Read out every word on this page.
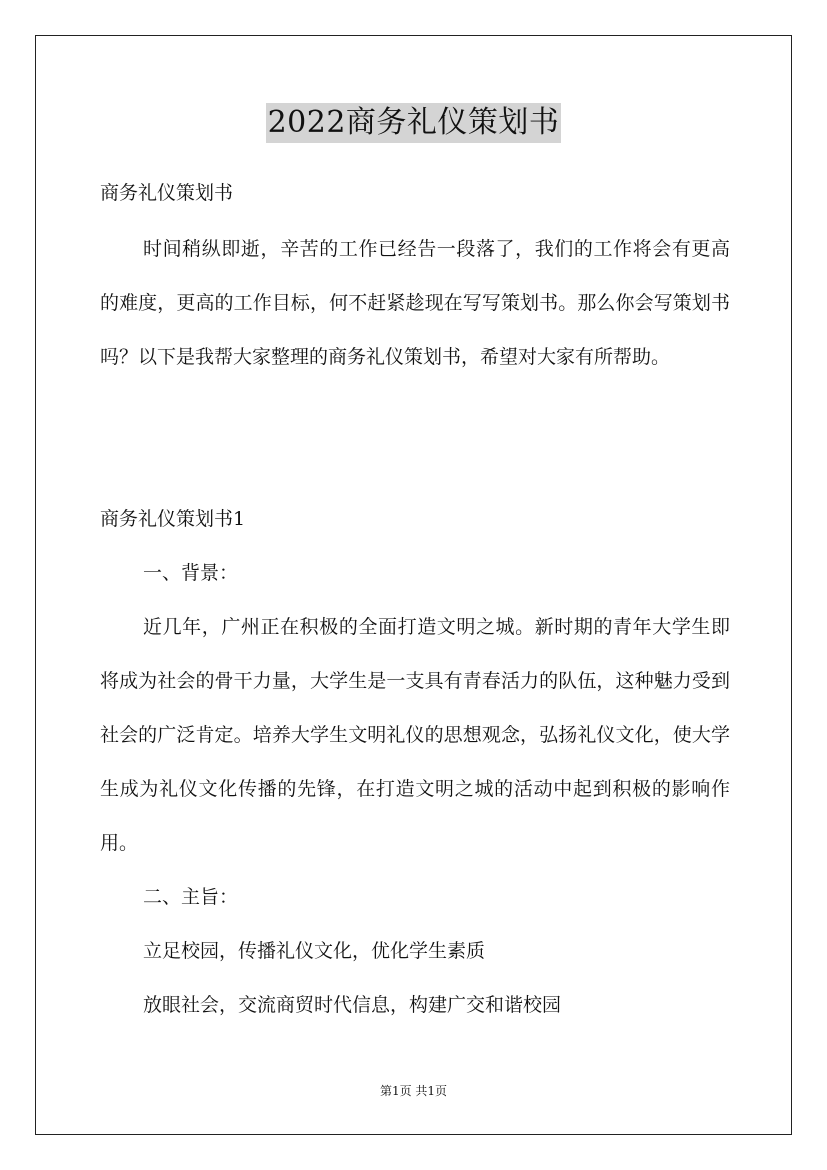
2022商务礼仪策划书

商务礼仪策划书

时间稍纵即逝，辛苦的工作已经告一段落了，我们的工作将会有更高的难度，更高的工作目标，何不赶紧趁现在写写策划书。那么你会写策划书吗？以下是我帮大家整理的商务礼仪策划书，希望对大家有所帮助。

商务礼仪策划书1

一、背景：

近几年，广州正在积极的全面打造文明之城。新时期的青年大学生即将成为社会的骨干力量，大学生是一支具有青春活力的队伍，这种魅力受到社会的广泛肯定。培养大学生文明礼仪的思想观念，弘扬礼仪文化，使大学生成为礼仪文化传播的先锋，在打造文明之城的活动中起到积极的影响作用。

二、主旨：

立足校园，传播礼仪文化，优化学生素质

放眼社会，交流商贸时代信息，构建广交和谐校园

第1页 共1页
